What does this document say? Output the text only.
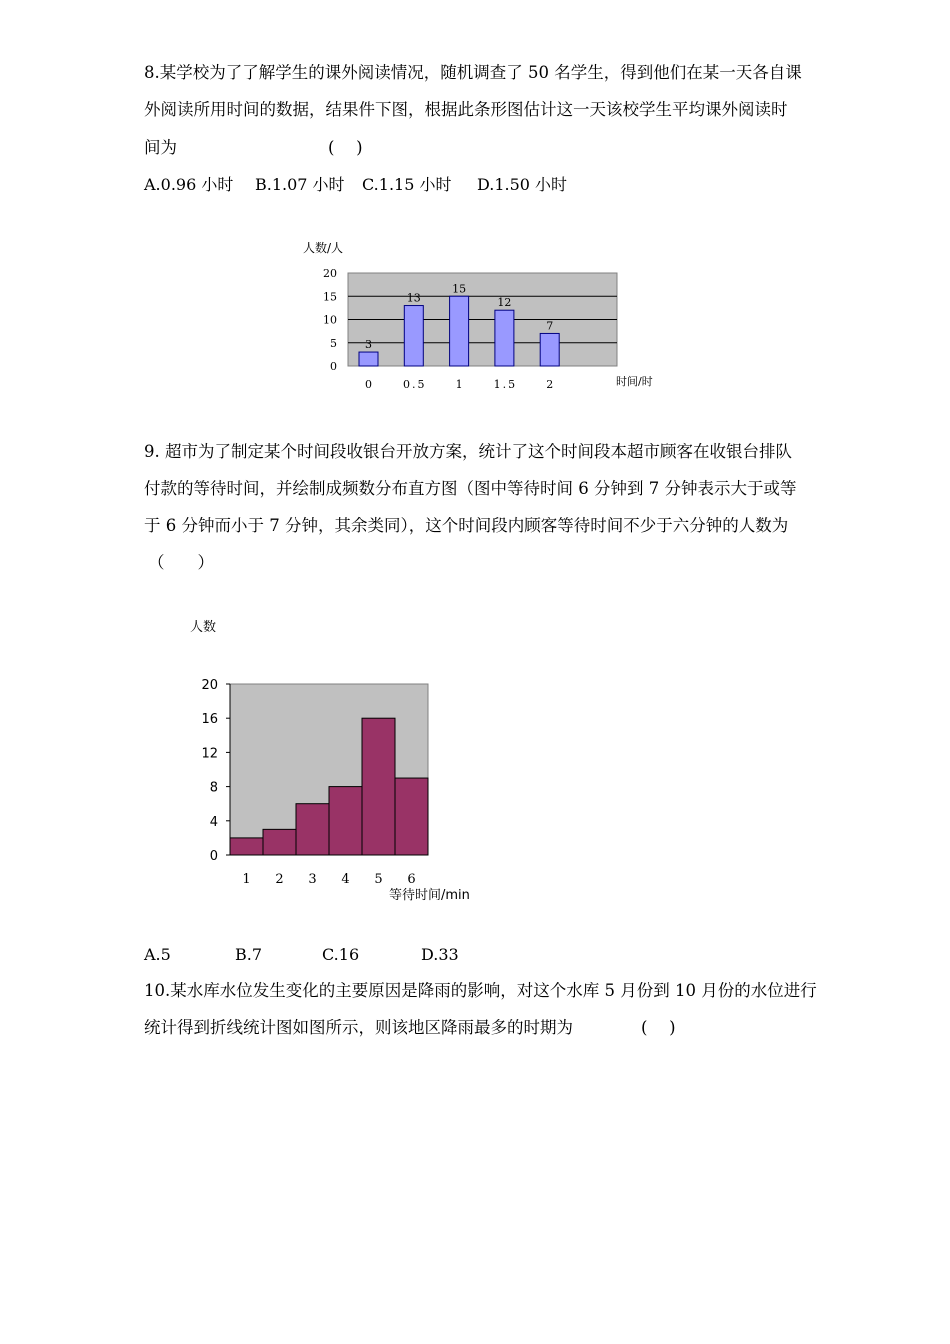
8.某学校为了了解学生的课外阅读情况，随机调查了 50 名学生，得到他们在某一天各自课
外阅读所用时间的数据，结果件下图，根据此条形图估计这一天该校学生平均课外阅读时
间为	(　 )
A.0.96 小时 B.1.07 小时 C.1.15 小时 D.1.50 小时
0
5
10
15
20
0	0.5	1	1.5	2
3
13
15
12
7
人数/人
时间/时
9. 超市为了制定某个时间段收银台开放方案，统计了这个时间段本超市顾客在收银台排队
付款的等待时间，并绘制成频数分布直方图（图中等待时间 6 分钟到 7 分钟表示大于或等
于 6 分钟而小于 7 分钟，其余类同），这个时间段内顾客等待时间不少于六分钟的人数为
（　　）
0
4
8
12
16
20
1 2 3 4 5 6
人数
等待时间/min
A.5	B.7	C.16	D.33
10.某水库水位发生变化的主要原因是降雨的影响，对这个水库 5 月份到 10 月份的水位进行
统计得到折线统计图如图所示，则该地区降雨最多的时期为	(　 )
